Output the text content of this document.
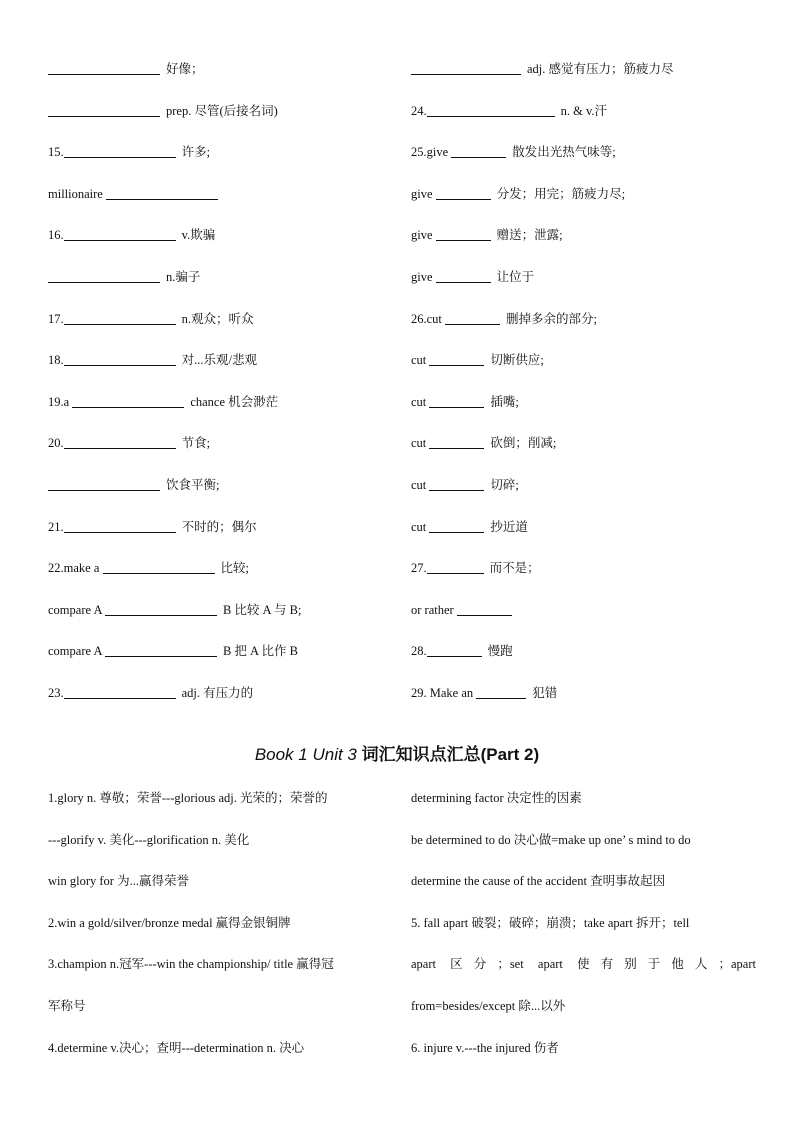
好像；
prep. 尽管(后接名词)
15.	许多;
millionaire
16.	v.欺骗
n.骗子
17.	n.观众；听众
18.	对...乐观/悲观
19.a	chance 机会渺茫
20.	节食;
饮食平衡;
21.	不时的；偶尔
22.make a	比较;
compare A	B 比较 A 与 B;
compare A	B 把 A 比作 B
23.	adj. 有压力的
adj. 感觉有压力；筋疲力尽
24.	n. & v.汗
25.give	散发出光热气味等;
give	分发；用完；筋疲力尽;
give	赠送；泄露;
give	让位于
26.cut	删掉多余的部分;
cut	切断供应;
cut	插嘴;
cut	砍倒；削减;
cut	切碎;
cut	抄近道
27.	而不是；
or rather
28.	慢跑
29. Make an	犯错
Book 1 Unit 3 词汇知识点汇总(Part 2)
1.glory n. 尊敬；荣誉---glorious adj. 光荣的；荣誉的
---glorify v. 美化---glorification n. 美化
win glory for 为...赢得荣誉
2.win a gold/silver/bronze medal 赢得金银铜牌
3.champion n.冠军---win the championship/ title 赢得冠
军称号
4.determine v.决心；查明---determination n. 决心
determining factor 决定性的因素
be determined to do 决心做=make up one’ s mind to do
determine the cause of the accident 查明事故起因
5. fall apart 破裂；破碎；崩溃；take apart 拆开；tell
apart 区分；set apart 使有别于他人；apart
from=besides/except 除...以外
6. injure v.---the injured 伤者
